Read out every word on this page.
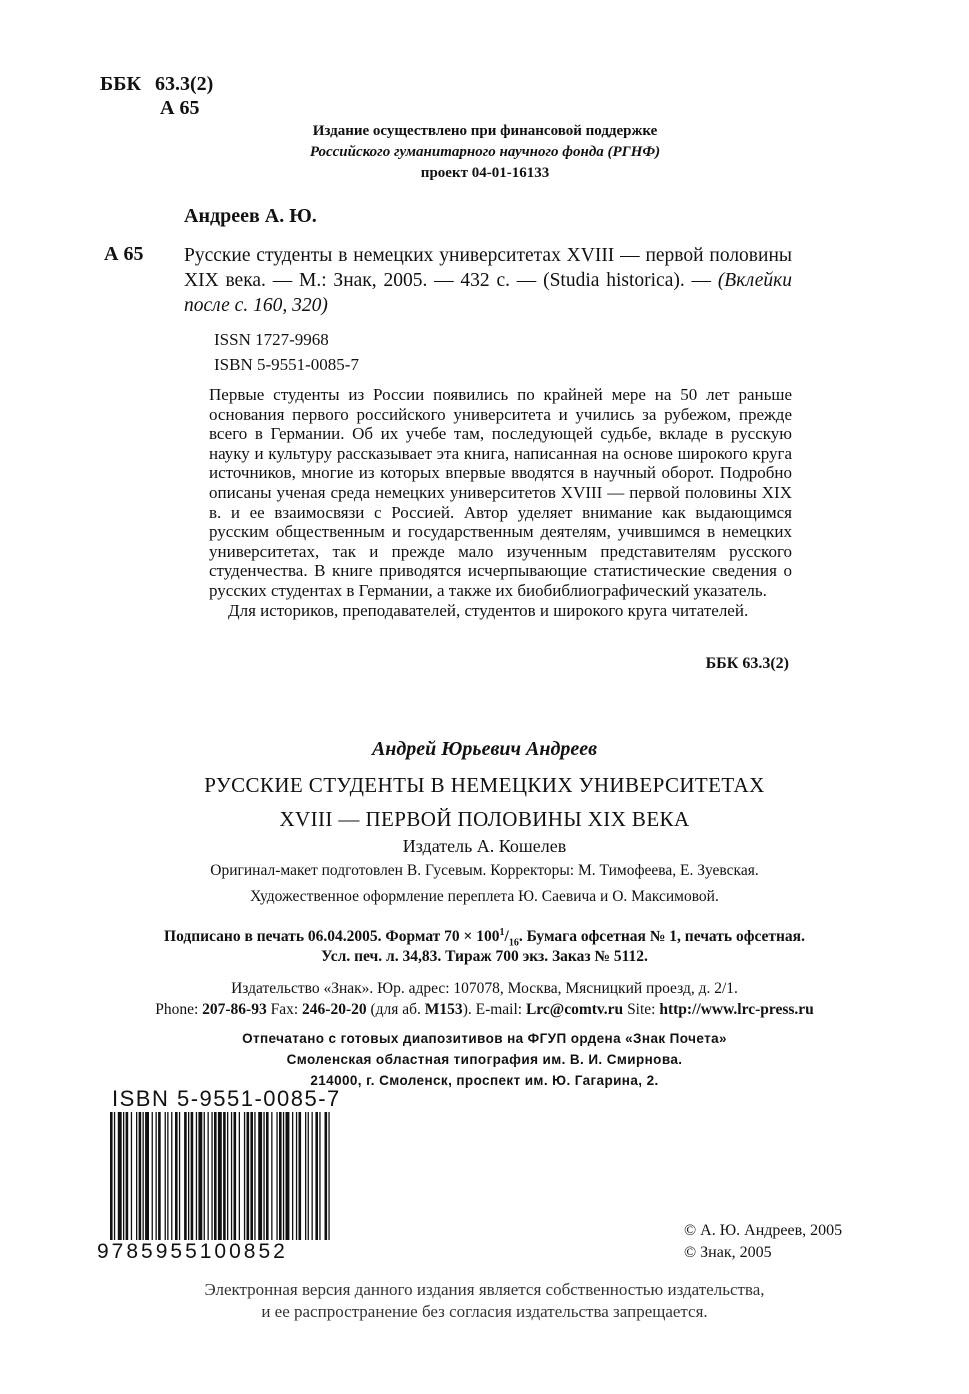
ББК 63.3(2)
А 65
Издание осуществлено при финансовой поддержке
Российского гуманитарного научного фонда (РГНФ)
проект 04-01-16133
Андреев А. Ю.
А 65 Русские студенты в немецких университетах XVIII — первой половины XIX века. — М.: Знак, 2005. — 432 с. — (Studia historica). — (Вклейки после с. 160, 320)
ISSN 1727-9968
ISBN 5-9551-0085-7

Первые студенты из России появились по крайней мере на 50 лет раньше основания первого российского университета и учились за рубежом, прежде всего в Германии. Об их учебе там, последующей судьбе, вкладе в русскую науку и культуру рассказывает эта книга, написанная на основе широкого круга источников, многие из которых впервые вводятся в научный оборот. Подробно описаны ученая среда немецких университетов XVIII — первой половины XIX в. и ее взаимосвязи с Россией. Автор уделяет внимание как выдающимся русским общественным и государственным деятелям, учившимся в немецких университетах, так и прежде мало изученным представителям русского студенчества. В книге приводятся исчерпывающие статистические сведения о русских студентах в Германии, а также их биобиблиографический указатель.

Для историков, преподавателей, студентов и широкого круга читателей.

ББК 63.3(2)
Андрей Юрьевич Андреев
РУССКИЕ СТУДЕНТЫ В НЕМЕЦКИХ УНИВЕРСИТЕТАХ
XVIII — ПЕРВОЙ ПОЛОВИНЫ XIX ВЕКА
Издатель А. Кошелев
Оригинал-макет подготовлен В. Гусевым. Корректоры: М. Тимофеева, Е. Зуевская.
Художественное оформление переплета Ю. Саевича и О. Максимовой.
Подписано в печать 06.04.2005. Формат $70 \times 100^1/_{16}$. Бумага офсетная № 1, печать офсетная.
Усл. печ. л. 34,83. Тираж 700 экз. Заказ № 5112.
Издательство «Знак». Юр. адрес: 107078, Москва, Мясницкий проезд, д. 2/1.
Phone: 207-86-93 Fax: 246-20-20 (для аб. M153). E-mail: Lrc@comtv.ru Site: http://www.lrc-press.ru
Отпечатано с готовых диапозитивов на ФГУП ордена «Знак Почета»
Смоленская областная типография им. В. И. Смирнова.
214000, г. Смоленск, проспект им. Ю. Гагарина, 2.
ISBN 5-9551-0085-7
9785955100852
© А. Ю. Андреев, 2005
© Знак, 2005
Электронная версия данного издания является собственностью издательства,
и ее распространение без согласия издательства запрещается.
